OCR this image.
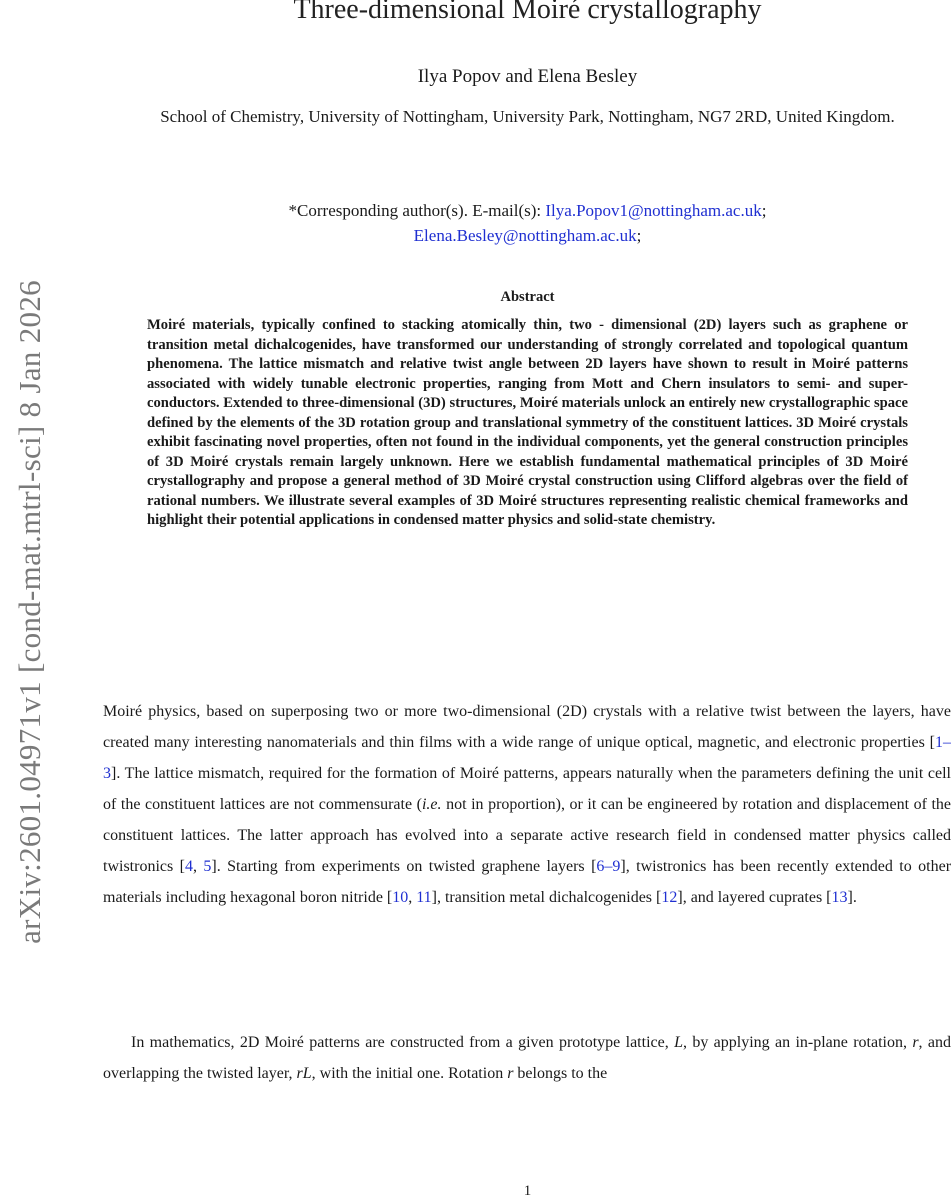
arXiv:2601.04971v1 [cond-mat.mtrl-sci] 8 Jan 2026
Three-dimensional Moiré crystallography
Ilya Popov and Elena Besley
School of Chemistry, University of Nottingham, University Park, Nottingham, NG7 2RD, United Kingdom.
*Corresponding author(s). E-mail(s): Ilya.Popov1@nottingham.ac.uk;
Elena.Besley@nottingham.ac.uk;
Abstract
Moiré materials, typically confined to stacking atomically thin, two - dimensional (2D) layers such as graphene or transition metal dichalcogenides, have transformed our understanding of strongly correlated and topological quantum phenomena. The lattice mismatch and relative twist angle between 2D layers have shown to result in Moiré patterns associated with widely tunable electronic properties, ranging from Mott and Chern insulators to semi- and super-conductors. Extended to three-dimensional (3D) structures, Moiré materials unlock an entirely new crystallographic space defined by the elements of the 3D rotation group and translational symmetry of the constituent lattices. 3D Moiré crystals exhibit fascinating novel properties, often not found in the individual components, yet the general construction principles of 3D Moiré crystals remain largely unknown. Here we establish fundamental mathematical principles of 3D Moiré crystallography and propose a general method of 3D Moiré crystal construction using Clifford algebras over the field of rational numbers. We illustrate several examples of 3D Moiré structures representing realistic chemical frameworks and highlight their potential applications in condensed matter physics and solid-state chemistry.
Moiré physics, based on superposing two or more two-dimensional (2D) crystals with a relative twist between the layers, have created many interesting nanomaterials and thin films with a wide range of unique optical, magnetic, and electronic properties [1–3]. The lattice mismatch, required for the formation of Moiré patterns, appears naturally when the parameters defining the unit cell of the constituent lattices are not commensurate (i.e. not in proportion), or it can be engineered by rotation and displacement of the constituent lattices. The latter approach has evolved into a separate active research field in condensed matter physics called twistronics [4, 5]. Starting from experiments on twisted graphene layers [6–9], twistronics has been recently extended to other materials including hexagonal boron nitride [10, 11], transition metal dichalcogenides [12], and layered cuprates [13].
In mathematics, 2D Moiré patterns are constructed from a given prototype lattice, L, by applying an in-plane rotation, r, and overlapping the twisted layer, rL, with the initial one. Rotation r belongs to the
1
